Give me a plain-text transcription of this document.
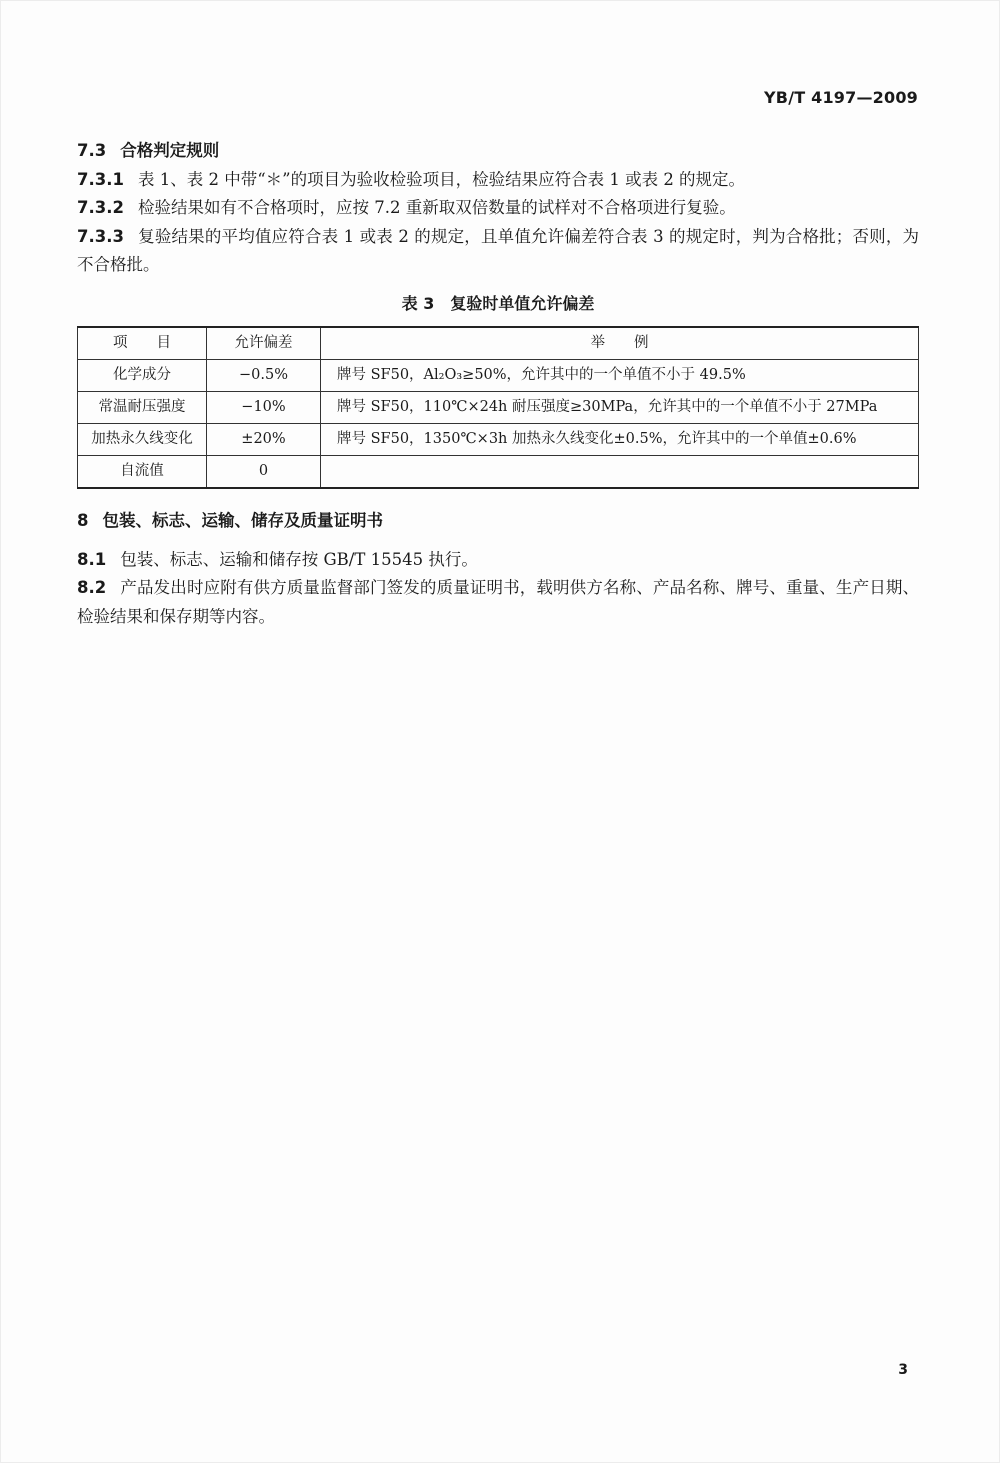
YB/T 4197—2009

7.3 合格判定规则

7.3.1 表 1、表 2 中带“＊”的项目为验收检验项目，检验结果应符合表 1 或表 2 的规定。

7.3.2 检验结果如有不合格项时，应按 7.2 重新取双倍数量的试样对不合格项进行复验。

7.3.3 复验结果的平均值应符合表 1 或表 2 的规定，且单值允许偏差符合表 3 的规定时，判为合格批；否则，为不合格批。

表 3　复验时单值允许偏差
项　　目	允许偏差	举　　例
化学成分	−0.5%	牌号 SF50，Al₂O₃≥50%，允许其中的一个单值不小于 49.5%
常温耐压强度	−10%	牌号 SF50，110℃×24h 耐压强度≥30MPa，允许其中的一个单值不小于 27MPa
加热永久线变化	±20%	牌号 SF50，1350℃×3h 加热永久线变化±0.5%，允许其中的一个单值±0.6%
自流值	0	

8 包装、标志、运输、储存及质量证明书

8.1 包装、标志、运输和储存按 GB/T 15545 执行。

8.2 产品发出时应附有供方质量监督部门签发的质量证明书，载明供方名称、产品名称、牌号、重量、生产日期、检验结果和保存期等内容。

3
